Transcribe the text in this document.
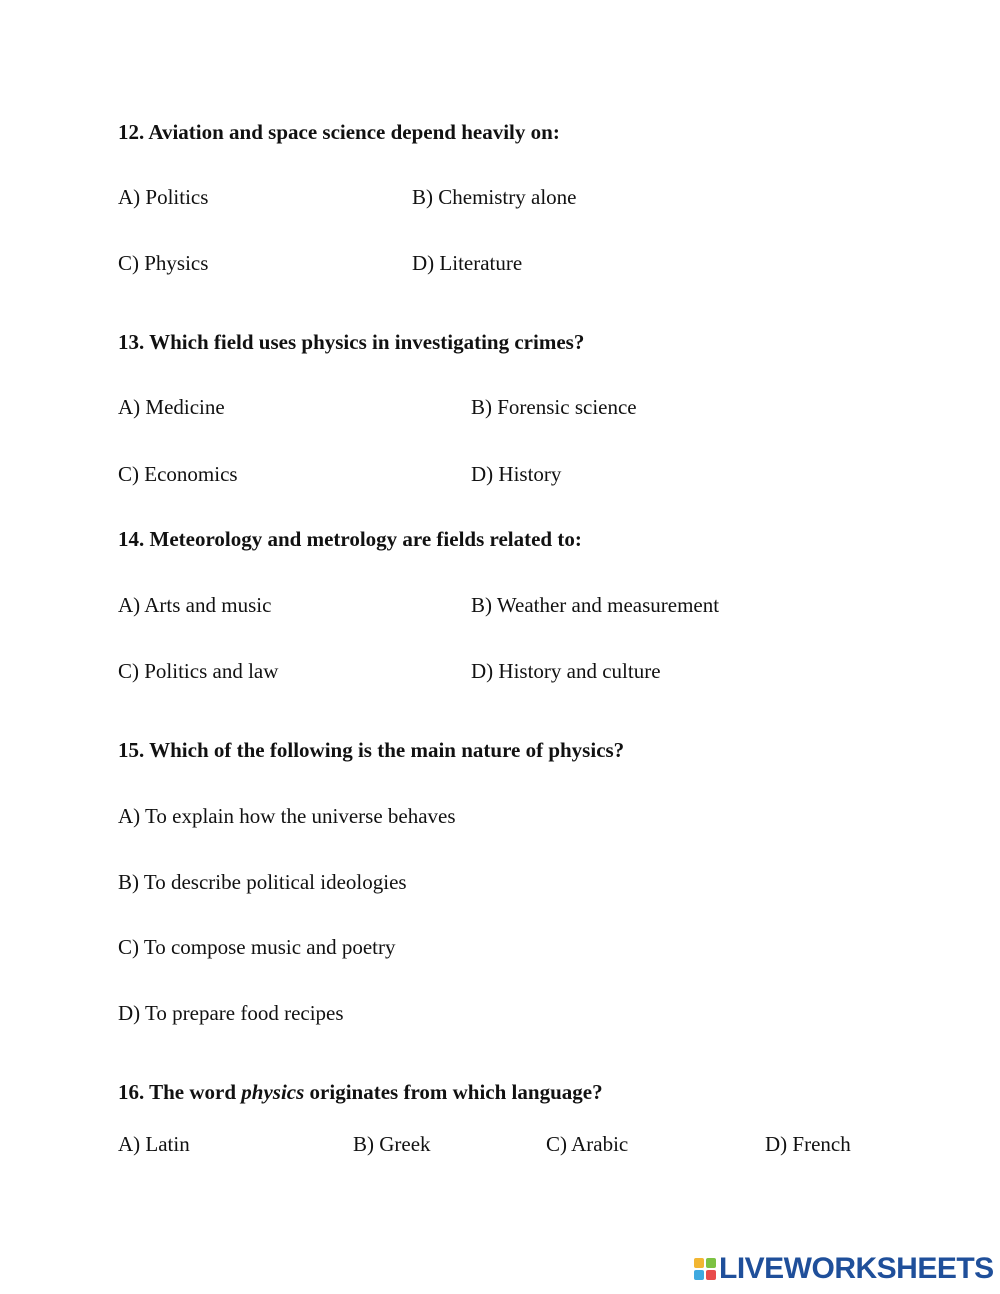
12. Aviation and space science depend heavily on:

A) Politics	B) Chemistry alone

C) Physics	D) Literature

13. Which field uses physics in investigating crimes?

A) Medicine	B) Forensic science

C) Economics	D) History

14. Meteorology and metrology are fields related to:

A) Arts and music	B) Weather and measurement

C) Politics and law	D) History and culture

15. Which of the following is the main nature of physics?

A) To explain how the universe behaves

B) To describe political ideologies

C) To compose music and poetry

D) To prepare food recipes

16. The word physics originates from which language?

A) Latin	B) Greek	C) Arabic	D) French

LIVEWORKSHEETS
